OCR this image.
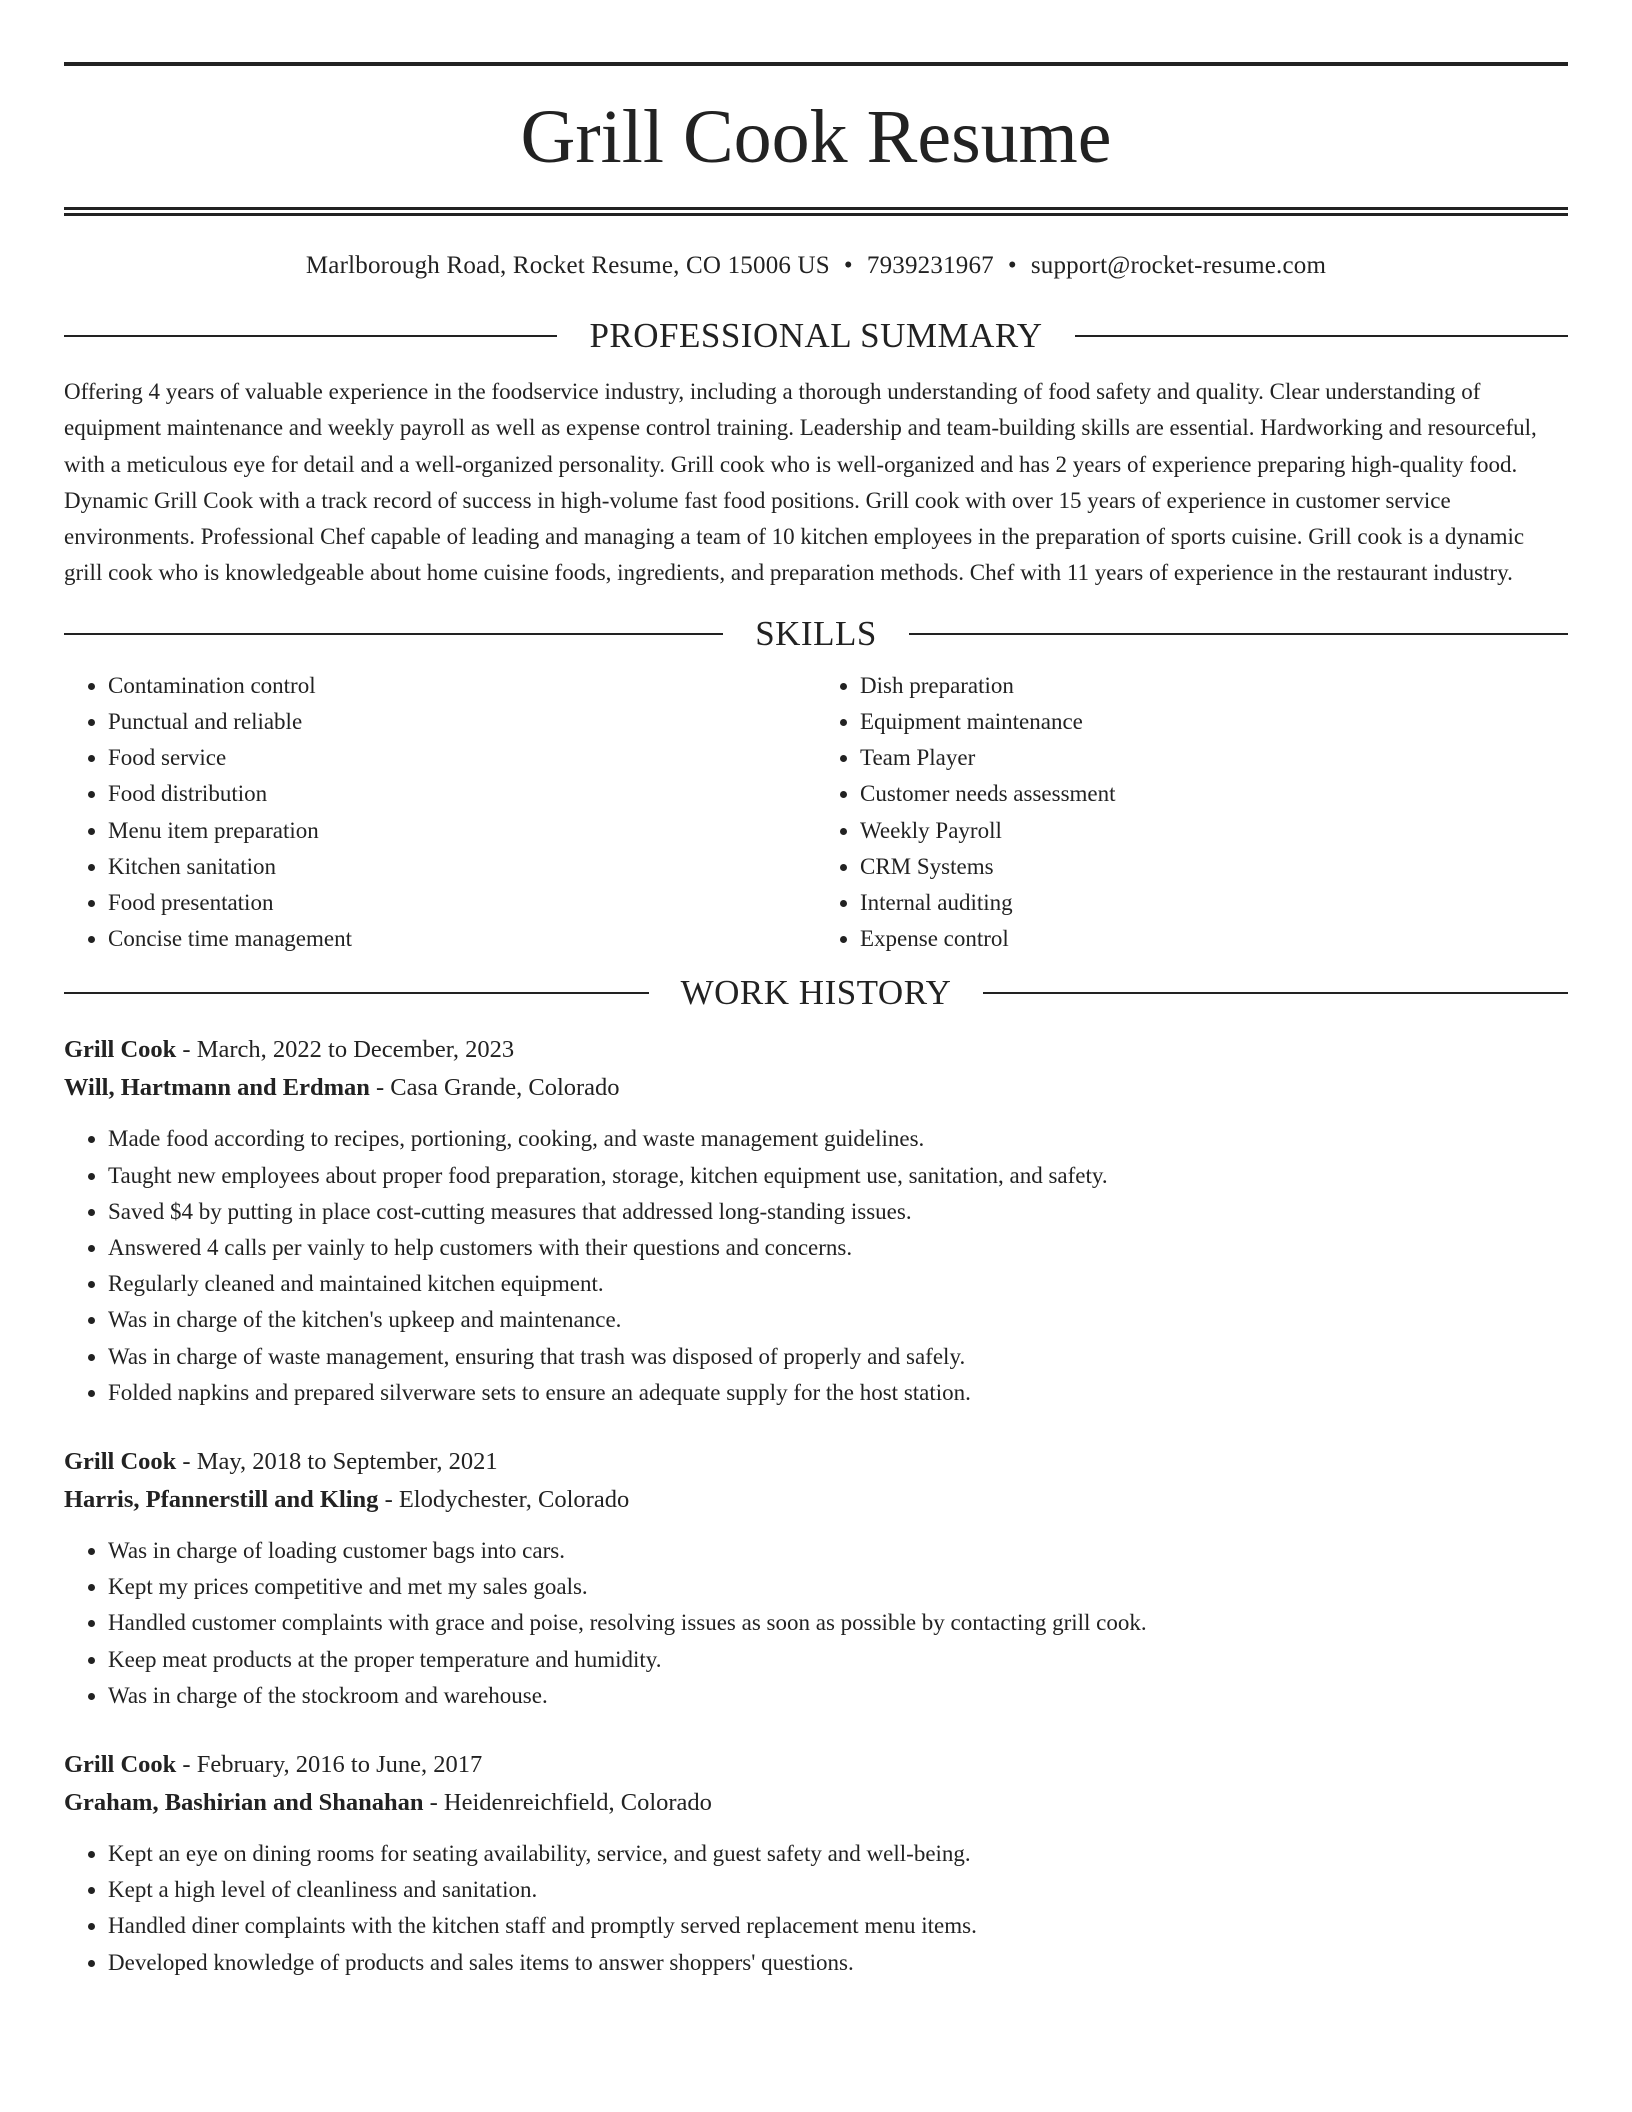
Grill Cook Resume
Marlborough Road, Rocket Resume, CO 15006 US • 7939231967 • support@rocket-resume.com
PROFESSIONAL SUMMARY

Offering 4 years of valuable experience in the foodservice industry, including a thorough understanding of food safety and quality. Clear understanding of equipment maintenance and weekly payroll as well as expense control training. Leadership and team-building skills are essential. Hardworking and resourceful, with a meticulous eye for detail and a well-organized personality. Grill cook who is well-organized and has 2 years of experience preparing high-quality food. Dynamic Grill Cook with a track record of success in high-volume fast food positions. Grill cook with over 15 years of experience in customer service environments. Professional Chef capable of leading and managing a team of 10 kitchen employees in the preparation of sports cuisine. Grill cook is a dynamic grill cook who is knowledgeable about home cuisine foods, ingredients, and preparation methods. Chef with 11 years of experience in the restaurant industry.

SKILLS
• Contamination control
• Punctual and reliable
• Food service
• Food distribution
• Menu item preparation
• Kitchen sanitation
• Food presentation
• Concise time management
• Dish preparation
• Equipment maintenance
• Team Player
• Customer needs assessment
• Weekly Payroll
• CRM Systems
• Internal auditing
• Expense control
WORK HISTORY
Grill Cook - March, 2022 to December, 2023
Will, Hartmann and Erdman - Casa Grande, Colorado
• Made food according to recipes, portioning, cooking, and waste management guidelines.
• Taught new employees about proper food preparation, storage, kitchen equipment use, sanitation, and safety.
• Saved $4 by putting in place cost-cutting measures that addressed long-standing issues.
• Answered 4 calls per vainly to help customers with their questions and concerns.
• Regularly cleaned and maintained kitchen equipment.
• Was in charge of the kitchen's upkeep and maintenance.
• Was in charge of waste management, ensuring that trash was disposed of properly and safely.
• Folded napkins and prepared silverware sets to ensure an adequate supply for the host station.
Grill Cook - May, 2018 to September, 2021
Harris, Pfannerstill and Kling - Elodychester, Colorado
• Was in charge of loading customer bags into cars.
• Kept my prices competitive and met my sales goals.
• Handled customer complaints with grace and poise, resolving issues as soon as possible by contacting grill cook.
• Keep meat products at the proper temperature and humidity.
• Was in charge of the stockroom and warehouse.
Grill Cook - February, 2016 to June, 2017
Graham, Bashirian and Shanahan - Heidenreichfield, Colorado
• Kept an eye on dining rooms for seating availability, service, and guest safety and well-being.
• Kept a high level of cleanliness and sanitation.
• Handled diner complaints with the kitchen staff and promptly served replacement menu items.
• Developed knowledge of products and sales items to answer shoppers' questions.
